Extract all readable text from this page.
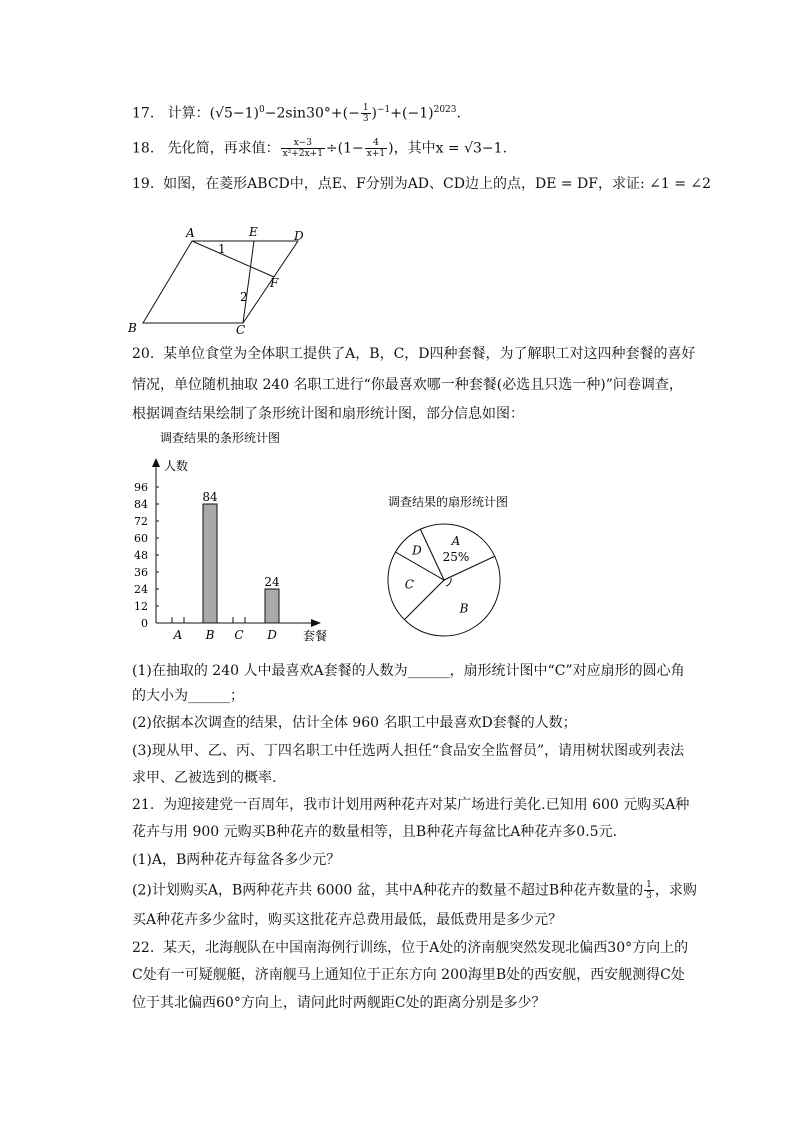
17. 计算：$(√5-1)^0-2\sin 30^\circ+(- \frac{1}{3} )^{-1}+(-1)^{2023}$.
18. 先化简，再求值： $\frac{x-3}{\text{x²+2x+1}} \div(1- \frac{4}{x+1}$ )，其中x = √3−1.
19. 如图，在菱形ABCD中，点E、F分别为AD、CD边上的点，DE = DF，求证: ∠1 = ∠2
A	E	D
B	C
F
1
2
20. 某单位食堂为全体职工提供了A，B，C，D四种套餐，为了解职工对这四种套餐的喜好
情况，单位随机抽取 240 名职工进行“你最喜欢哪一种套餐(必选且只选一种)”问卷调查，
根据调查结果绘制了条形统计图和扇形统计图，部分信息如图：
调查结果的条形统计图
人数
套餐
0
12
24
36
48
60
72
84
96
A B
84
C D
24
调查结果的扇形统计图
A
25%
B
C
D
(1)在抽取的 240 人中最喜欢A套餐的人数为______，扇形统计图中“C”对应扇形的圆心角
的大小为______；
(2)依据本次调查的结果，估计全体 960 名职工中最喜欢D套餐的人数；
(3)现从甲、乙、丙、丁四名职工中任选两人担任“食品安全监督员”，请用树状图或列表法
求甲、乙被选到的概率.
21. 为迎接建党一百周年，我市计划用两种花卉对某广场进行美化.已知用 600 元购买A种
花卉与用 900 元购买B种花卉的数量相等，且B种花卉每盆比A种花卉多0.5元.
(1)A，B两种花卉每盆各多少元？
(2)计划购买A，B两种花卉共 6000 盆，其中A种花卉的数量不超过B种花卉数量的 $\frac{1}{3}$ ，求购
买A种花卉多少盆时，购买这批花卉总费用最低，最低费用是多少元？
22. 某天，北海舰队在中国南海例行训练，位于A处的济南舰突然发现北偏西30°方向上的
C处有一可疑舰艇，济南舰马上通知位于正东方向 200海里B处的西安舰，西安舰测得C处
位于其北偏西60°方向上，请问此时两舰距C处的距离分别是多少？
